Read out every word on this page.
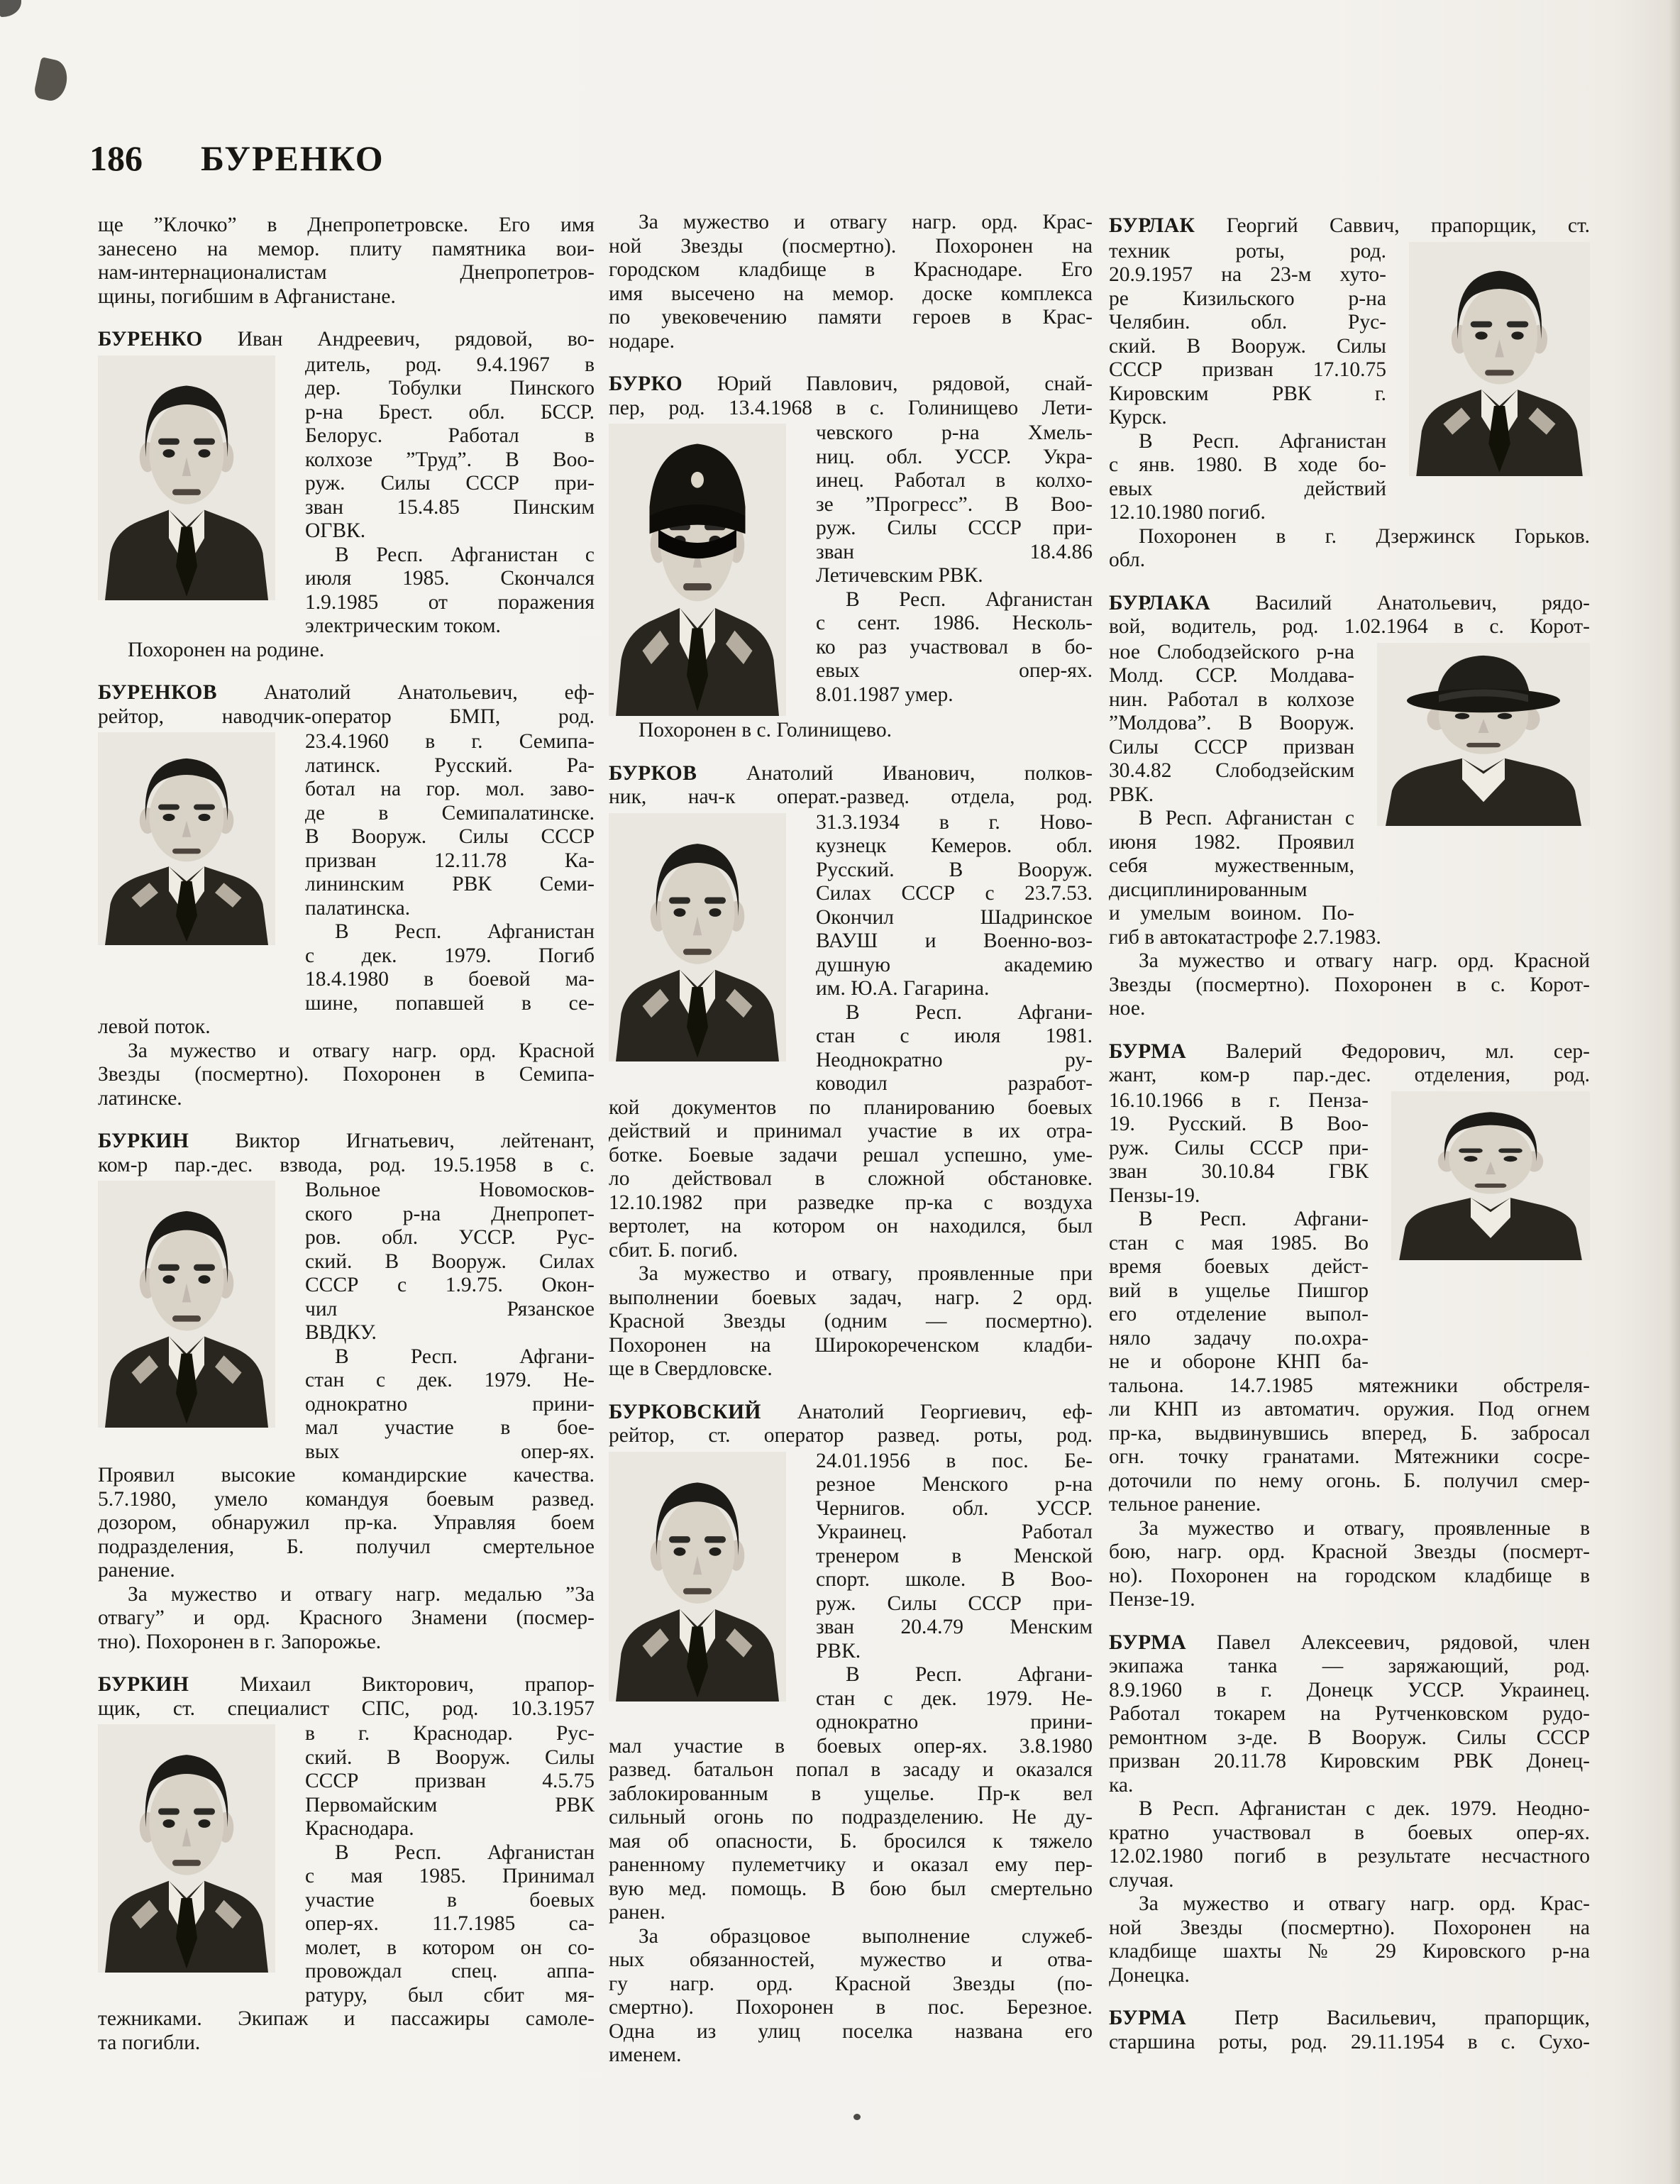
186 БУРЕНКО
ще ”Клочко” в Днепропетровске. Его имя
занесено на мемор. плиту памятника вои-
нам-интернационалистам Днепропетров-
щины, погибшим в Афганистане.
БУРЕНКО Иван Андреевич, рядовой, во-
дитель, род. 9.4.1967 в
дер. Тобулки Пинского
р-на Брест. обл. БССР.
Белорус. Работал в
колхозе ”Труд”. В Воо-
руж. Силы СССР при-
зван 15.4.85 Пинским
ОГВК.
В Респ. Афганистан с
июля 1985. Скончался
1.9.1985 от поражения
электрическим током.
Похоронен на родине.
БУРЕНКОВ Анатолий Анатольевич, еф-
рейтор, наводчик-оператор БМП, род.
23.4.1960 в г. Семипа-
латинск. Русский. Ра-
ботал на гор. мол. заво-
де в Семипалатинске.
В Вооруж. Силы СССР
призван 12.11.78 Ка-
лининским РВК Семи-
палатинска.
В Респ. Афганистан
с дек. 1979. Погиб
18.4.1980 в боевой ма-
шине, попавшей в се-
левой поток.
За мужество и отвагу нагр. орд. Красной
Звезды (посмертно). Похоронен в Семипа-
латинске.
БУРКИН Виктор Игнатьевич, лейтенант,
ком-р пар.-дес. взвода, род. 19.5.1958 в с.
Вольное Новомосков-
ского р-на Днепропет-
ров. обл. УССР. Рус-
ский. В Вооруж. Силах
СССР с 1.9.75. Окон-
чил Рязанское
ВВДКУ.
В Респ. Афгани-
стан с дек. 1979. Не-
однократно прини-
мал участие в бое-
вых опер-ях.
Проявил высокие командирские качества.
5.7.1980, умело командуя боевым развед.
дозором, обнаружил пр-ка. Управляя боем
подразделения, Б. получил смертельное
ранение.
За мужество и отвагу нагр. медалью ”За
отвагу” и орд. Красного Знамени (посмер-
тно). Похоронен в г. Запорожье.
БУРКИН Михаил Викторович, прапор-
щик, ст. специалист СПС, род. 10.3.1957
в г. Краснодар. Рус-
ский. В Вооруж. Силы
СССР призван 4.5.75
Первомайским РВК
Краснодара.
В Респ. Афганистан
с мая 1985. Принимал
участие в боевых
опер-ях. 11.7.1985 са-
молет, в котором он со-
провождал спец. аппа-
ратуру, был сбит мя-
тежниками. Экипаж и пассажиры самоле-
та погибли.
За мужество и отвагу нагр. орд. Крас-
ной Звезды (посмертно). Похоронен на
городском кладбище в Краснодаре. Его
имя высечено на мемор. доске комплекса
по увековечению памяти героев в Крас-
нодаре.
БУРКО Юрий Павлович, рядовой, снай-
пер, род. 13.4.1968 в с. Голинищево Лети-
чевского р-на Хмель-
ниц. обл. УССР. Укра-
инец. Работал в колхо-
зе ”Прогресс”. В Воо-
руж. Силы СССР при-
зван 18.4.86
Летичевским РВК.
В Респ. Афганистан
с сент. 1986. Несколь-
ко раз участвовал в бо-
евых опер-ях.
8.01.1987 умер.
Похоронен в с. Голинищево.
БУРКОВ Анатолий Иванович, полков-
ник, нач-к операт.-развед. отдела, род.
31.3.1934 в г. Ново-
кузнецк Кемеров. обл.
Русский. В Вооруж.
Силах СССР с 23.7.53.
Окончил Шадринское
ВАУШ и Военно-воз-
душную академию
им. Ю.А. Гагарина.
В Респ. Афгани-
стан с июля 1981.
Неоднократно ру-
ководил разработ-
кой документов по планированию боевых
действий и принимал участие в их отра-
ботке. Боевые задачи решал успешно, уме-
ло действовал в сложной обстановке.
12.10.1982 при разведке пр-ка с воздуха
вертолет, на котором он находился, был
сбит. Б. погиб.
За мужество и отвагу, проявленные при
выполнении боевых задач, нагр. 2 орд.
Красной Звезды (одним — посмертно).
Похоронен на Широкореченском кладби-
ще в Свердловске.
БУРКОВСКИЙ Анатолий Георгиевич, еф-
рейтор, ст. оператор развед. роты, род.
24.01.1956 в пос. Бе-
резное Менского р-на
Чернигов. обл. УССР.
Украинец. Работал
тренером в Менской
спорт. школе. В Воо-
руж. Силы СССР при-
зван 20.4.79 Менским
РВК.
В Респ. Афгани-
стан с дек. 1979. Не-
однократно прини-
мал участие в боевых опер-ях. 3.8.1980
развед. батальон попал в засаду и оказался
заблокированным в ущелье. Пр-к вел
сильный огонь по подразделению. Не ду-
мая об опасности, Б. бросился к тяжело
раненному пулеметчику и оказал ему пер-
вую мед. помощь. В бою был смертельно
ранен.
За образцовое выполнение служеб-
ных обязанностей, мужество и отва-
гу нагр. орд. Красной Звезды (по-
смертно). Похоронен в пос. Березное.
Одна из улиц поселка названа его
именем.
БУРЛАК Георгий Саввич, прапорщик, ст.
техник роты, род.
20.9.1957 на 23-м хуто-
ре Кизильского р-на
Челябин. обл. Рус-
ский. В Вооруж. Силы
СССР призван 17.10.75
Кировским РВК г.
Курск.
В Респ. Афганистан
с янв. 1980. В ходе бо-
евых действий
12.10.1980 погиб.
Похоронен в г. Дзержинск Горьков.
обл.
БУРЛАКА Василий Анатольевич, рядо-
вой, водитель, род. 1.02.1964 в с. Корот-
ное Слободзейского р-на
Молд. ССР. Молдава-
нин. Работал в колхозе
”Молдова”. В Вооруж.
Силы СССР призван
30.4.82 Слободзейским
РВК.
В Респ. Афганистан с
июня 1982. Проявил
себя мужественным,
дисциплинированным
и умелым воином. По-
гиб в автокатастрофе 2.7.1983.
За мужество и отвагу нагр. орд. Красной
Звезды (посмертно). Похоронен в с. Корот-
ное.
БУРМА Валерий Федорович, мл. сер-
жант, ком-р пар.-дес. отделения, род.
16.10.1966 в г. Пенза-
19. Русский. В Воо-
руж. Силы СССР при-
зван 30.10.84 ГВК
Пензы-19.
В Респ. Афгани-
стан с мая 1985. Во
время боевых дейст-
вий в ущелье Пишгор
его отделение выпол-
няло задачу по.охра-
не и обороне КНП ба-
тальона. 14.7.1985 мятежники обстреля-
ли КНП из автоматич. оружия. Под огнем
пр-ка, выдвинувшись вперед, Б. забросал
огн. точку гранатами. Мятежники сосре-
доточили по нему огонь. Б. получил смер-
тельное ранение.
За мужество и отвагу, проявленные в
бою, нагр. орд. Красной Звезды (посмерт-
но). Похоронен на городском кладбище в
Пензе-19.
БУРМА Павел Алексеевич, рядовой, член
экипажа танка — заряжающий, род.
8.9.1960 в г. Донецк УССР. Украинец.
Работал токарем на Рутченковском рудо-
ремонтном з-де. В Вооруж. Силы СССР
призван 20.11.78 Кировским РВК Донец-
ка.
В Респ. Афганистан с дек. 1979. Неодно-
кратно участвовал в боевых опер-ях.
12.02.1980 погиб в результате несчастного
случая.
За мужество и отвагу нагр. орд. Крас-
ной Звезды (посмертно). Похоронен на
кладбище шахты № 29 Кировского р-на
Донецка.
БУРМА Петр Васильевич, прапорщик,
старшина роты, род. 29.11.1954 в с. Сухо-
